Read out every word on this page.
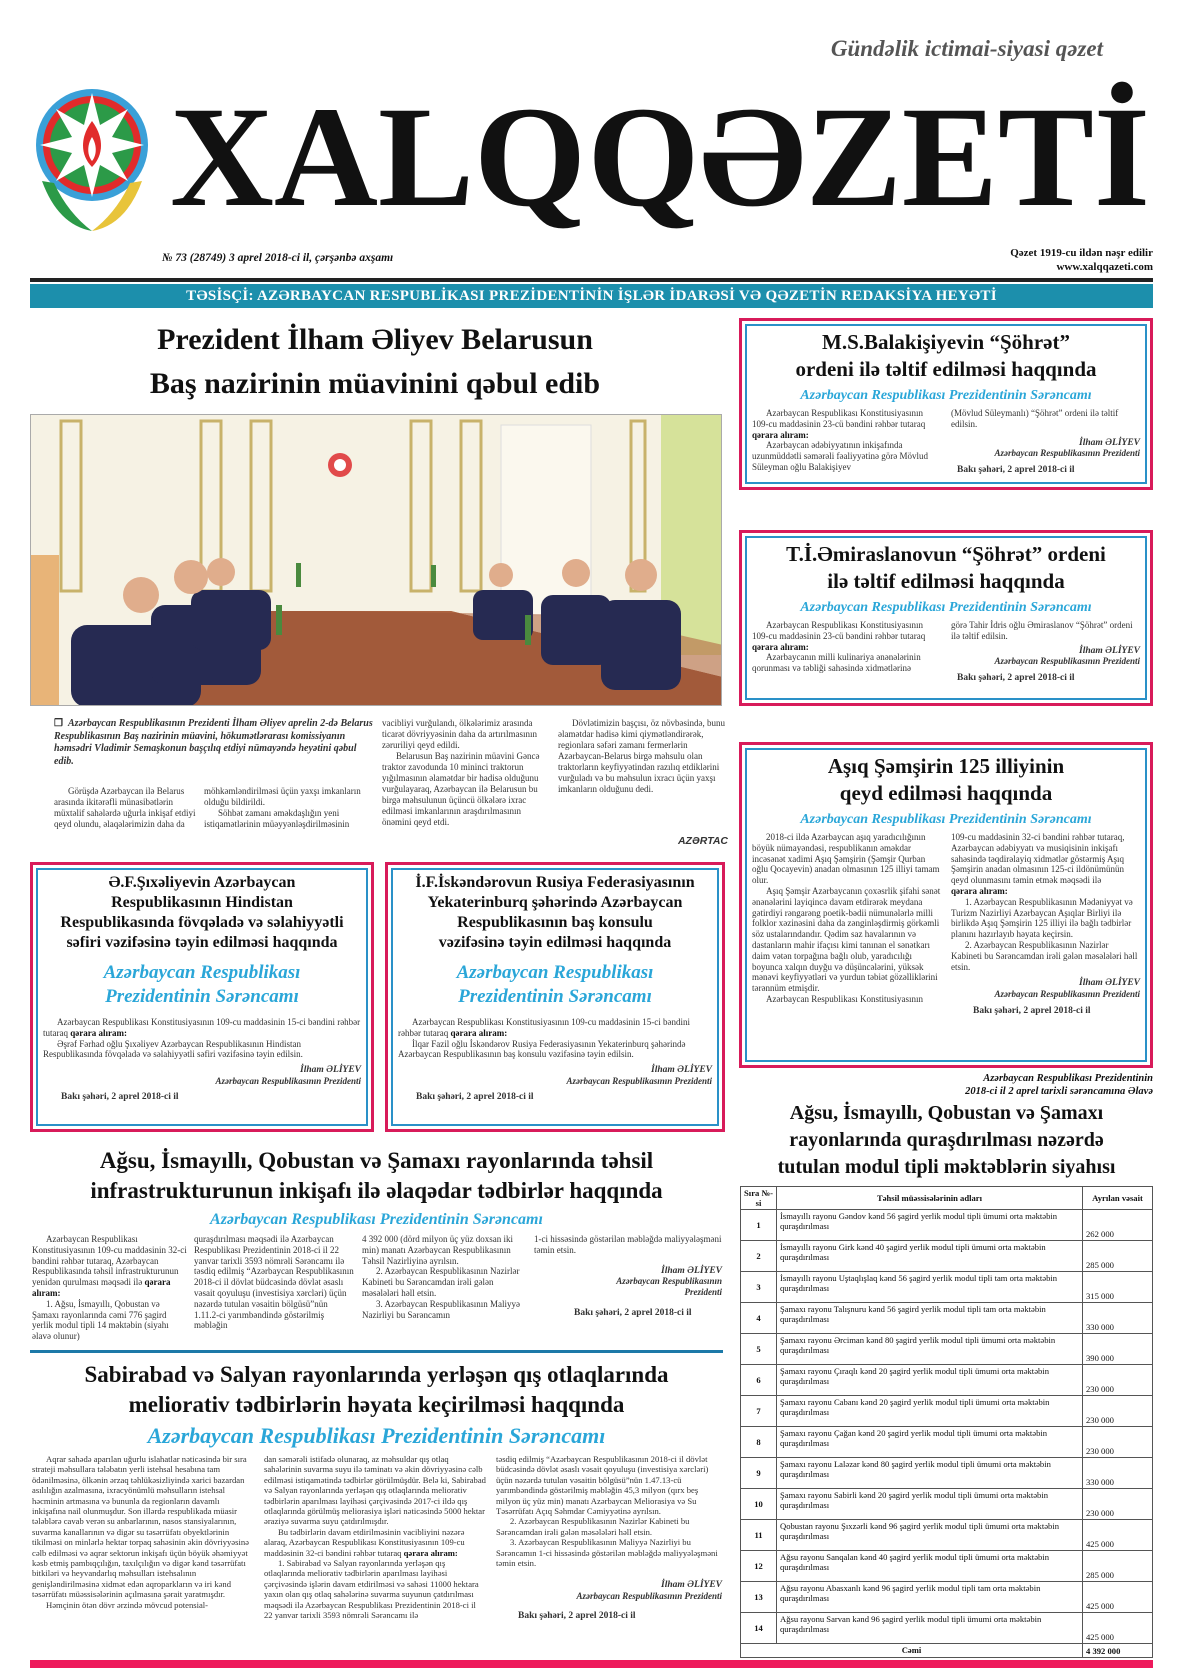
Gündəlik ictimai-siyasi qəzet
XALQ QƏZETİ
№ 73 (28749) 3 aprel 2018-ci il, çərşənbə axşamı	Qəzet 1919-cu ildən nəşr edilir
www.xalqqazeti.com
TƏSİSÇİ: AZƏRBAYCAN RESPUBLİKASI PREZİDENTİNİN İŞLƏR İDARƏSİ VƏ QƏZETİN REDAKSİYA HEYƏTİ
Prezident İlham Əliyev Belarusun
Baş nazirinin müavinini qəbul edib
❒  Azərbaycan Respublikasının Prezidenti İlham Əliyev aprelin 2-də Belarus Respublikasının Baş nazirinin müavini, hökumətlərarası komissiyanın həmsədri Vladimir Semaşkonun başçılıq etdiyi nümayəndə heyətini qəbul edib.
Görüşdə Azərbaycan ilə Belarus arasında ikitərəfli münasibətlərin müxtəlif sahələrdə uğurla inkişaf etdiyi qeyd olundu, əlaqələrimizin daha da
möhkəmləndirilməsi üçün yaxşı imkanların olduğu bildirildi.
Söhbət zamanı əməkdaşlığın yeni istiqamətlərinin müəyyənləşdirilməsinin
vacibliyi vurğulandı, ölkələrimiz arasında ticarət dövriyyəsinin daha da artırılmasının zəruriliyi qeyd edildi.
Belarusun Baş nazirinin müavini Gəncə traktor zavodunda 10 mininci traktorun yığılmasının əlamətdar bir hadisə olduğunu vurğulayaraq, Azərbaycan ilə Belarusun bu birgə məhsulunun üçüncü ölkələrə ixrac edilməsi imkanlarının araşdırılmasının önəmini qeyd etdi.
Dövlətimizin başçısı, öz növbəsində, bunu əlamətdar hadisə kimi qiymətləndirərək, regionlara səfəri zamanı fermerlərin Azərbaycan-Belarus birgə məhsulu olan traktorların keyfiyyətindən razılıq etdiklərini vurğuladı və bu məhsulun ixracı üçün yaxşı imkanların olduğunu dedi.
AZƏRTAC
M.S.Balakişiyevin “Şöhrət”
ordeni ilə təltif edilməsi haqqında
Azərbaycan Respublikası Prezidentinin Sərəncamı
Azərbaycan Respublikası Konstitusiyasının 109-cu maddəsinin 23-cü bəndini rəhbər tutaraq
qərara alıram:
Azərbaycan ədəbiyyatının inkişafında uzunmüddətli səmərəli fəaliyyətinə görə Mövlud Süleyman oğlu Balakişiyev
(Mövlud Süleymanlı) “Şöhrət” ordeni ilə təltif edilsin.
İlham ƏLİYEV
Azərbaycan Respublikasının Prezidenti
Bakı şəhəri, 2 aprel 2018-ci il
T.İ.Əmiraslanovun “Şöhrət” ordeni
ilə təltif edilməsi haqqında
Azərbaycan Respublikası Prezidentinin Sərəncamı
Azərbaycan Respublikası Konstitusiyasının 109-cu maddəsinin 23-cü bəndini rəhbər tutaraq
qərara alıram:
Azərbaycanın milli kulinariya ənənələrinin qorunması və təbliği sahəsində xidmətlərinə
görə Tahir İdris oğlu Əmiraslanov “Şöhrət” ordeni ilə təltif edilsin.
İlham ƏLİYEV
Azərbaycan Respublikasının Prezidenti
Bakı şəhəri, 2 aprel 2018-ci il
Aşıq Şəmşirin 125 illiyinin
qeyd edilməsi haqqında
Azərbaycan Respublikası Prezidentinin Sərəncamı
2018-ci ildə Azərbaycan aşıq yaradıcılığının böyük nümayəndəsi, respublikanın əməkdar incəsənət xadimi Aşıq Şəmşirin (Şəmşir Qurban oğlu Qocayevin) anadan olmasının 125 illiyi tamam olur.
Aşıq Şəmşir Azərbaycanın çoxəsrlik şifahi sənət ənənələrini layiqincə davam etdirərək meydana gətirdiyi rəngarəng poetik-bədii nümunələrlə milli folklor xəzinəsini daha da zənginləşdirmiş görkəmli söz ustalarındandır. Qədim saz havalarının və dastanların mahir ifaçısı kimi tanınan el sənətkarı daim vətən torpağına bağlı olub, yaradıcılığı boyunca xalqın duyğu və düşüncələrini, yüksək mənəvi keyfiyyətləri və yurdun təbiət gözəlliklərini tərənnüm etmişdir.
Azərbaycan Respublikası Konstitusiyasının
109-cu maddəsinin 32-ci bəndini rəhbər tutaraq, Azərbaycan ədəbiyyatı və musiqisinin inkişafı sahəsində təqdirəlayiq xidmətlər göstərmiş Aşıq Şəmşirin anadan olmasının 125-ci ildönümünün qeyd olunmasını təmin etmək məqsədi ilə
qərara alıram:
1. Azərbaycan Respublikasının Mədəniyyət və Turizm Nazirliyi Azərbaycan Aşıqlar Birliyi ilə birlikdə Aşıq Şəmşirin 125 illiyi ilə bağlı tədbirlər planını hazırlayıb həyata keçirsin.
2. Azərbaycan Respublikasının Nazirlər Kabineti bu Sərəncamdan irəli gələn məsələləri həll etsin.
İlham ƏLİYEV
Azərbaycan Respublikasının Prezidenti
Bakı şəhəri, 2 aprel 2018-ci il
Ə.F.Şıxəliyevin Azərbaycan
Respublikasının Hindistan
Respublikasında fövqəladə və səlahiyyətli
səfiri vəzifəsinə təyin edilməsi haqqında
Azərbaycan Respublikası
Prezidentinin Sərəncamı
Azərbaycan Respublikası Konstitusiyasının 109-cu maddəsinin 15-ci bəndini rəhbər tutaraq qərara alıram:
Əşrəf Fərhad oğlu Şıxəliyev Azərbaycan Respublikasının Hindistan Respublikasında fövqəladə və səlahiyyətli səfiri vəzifəsinə təyin edilsin.
İlham ƏLİYEV
Azərbaycan Respublikasının Prezidenti
Bakı şəhəri, 2 aprel 2018-ci il
İ.F.İskəndərovun Rusiya Federasiyasının
Yekaterinburq şəhərində Azərbaycan
Respublikasının baş konsulu
vəzifəsinə təyin edilməsi haqqında
Azərbaycan Respublikası
Prezidentinin Sərəncamı
Azərbaycan Respublikası Konstitusiyasının 109-cu maddəsinin 15-ci bəndini rəhbər tutaraq qərara alıram:
İlqar Fazil oğlu İskəndərov Rusiya Federasiyasının Yekaterinburq şəhərində Azərbaycan Respublikasının baş konsulu vəzifəsinə təyin edilsin.
İlham ƏLİYEV
Azərbaycan Respublikasının Prezidenti
Bakı şəhəri, 2 aprel 2018-ci il
Ağsu, İsmayıllı, Qobustan və Şamaxı rayonlarında təhsil
infrastrukturunun inkişafı ilə əlaqədar tədbirlər haqqında
Azərbaycan Respublikası Prezidentinin Sərəncamı
Azərbaycan Respublikası Konstitusiyasının 109-cu maddəsinin 32-ci bəndini rəhbər tutaraq, Azərbaycan Respublikasında təhsil infrastrukturunun yenidən qurulması məqsədi ilə qərara alıram:
1. Ağsu, İsmayıllı, Qobustan və Şamaxı rayonlarında cəmi 776 şagird yerlik modul tipli 14 məktəbin (siyahı əlavə olunur)
quraşdırılması məqsədi ilə Azərbaycan Respublikası Prezidentinin 2018-ci il 22 yanvar tarixli 3593 nömrəli Sərəncamı ilə təsdiq edilmiş “Azərbaycan Respublikasının 2018-ci il dövlət büdcəsində dövlət əsaslı vəsait qoyuluşu (investisiya xərcləri) üçün nəzərdə tutulan vəsaitin bölgüsü”nün 1.11.2-ci yarımbəndində göstərilmiş məbləğin
4 392 000 (dörd milyon üç yüz doxsan iki min) manatı Azərbaycan Respublikasının Təhsil Nazirliyinə ayrılsın.
2. Azərbaycan Respublikasının Nazirlər Kabineti bu Sərəncamdan irəli gələn məsələləri həll etsin.
3. Azərbaycan Respublikasının Maliyyə Nazirliyi bu Sərəncamın
1-ci hissəsində göstərilən məbləğdə maliyyələşməni təmin etsin.
İlham ƏLİYEV
Azərbaycan Respublikasının
Prezidenti
Bakı şəhəri, 2 aprel 2018-ci il
Sabirabad və Salyan rayonlarında yerləşən qış otlaqlarında
meliorativ tədbirlərin həyata keçirilməsi haqqında
Azərbaycan Respublikası Prezidentinin Sərəncamı
Aqrar sahədə aparılan uğurlu islahatlar nəticəsində bir sıra strateji məhsullara tələbatın yerli istehsal hesabına tam ödənilməsinə, ölkənin ərzaq təhlükəsizliyində xarici bazardan asılılığın azalmasına, ixracyönümlü məhsulların istehsal həcminin artmasına və bununla da regionların davamlı inkişafına nail olunmuşdur. Son illərdə respublikada müasir tələblərə cavab verən su anbarlarının, nasos stansiyalarının, suvarma kanallarının və digər su təsərrüfatı obyektlərinin tikilməsi on minlərlə hektar torpaq sahəsinin əkin dövriyyəsinə cəlb edilməsi və aqrar sektorun inkişafı üçün böyük əhəmiyyət kəsb etmiş pambıqçılığın, taxılçılığın və digər kənd təsərrüfatı bitkiləri və heyvandarlıq məhsulları istehsalının genişləndirilməsinə xidmət edən aqroparkların və iri kənd təsərrüfatı müəssisələrinin açılmasına şərait yaratmışdır.
Həmçinin ötən dövr ərzində mövcud potensial-
dan səmərəli istifadə olunaraq, az məhsuldar qış otlaq sahələrinin suvarma suyu ilə təminatı və əkin dövriyyəsinə cəlb edilməsi istiqamətində tədbirlər görülmüşdür. Belə ki, Sabirabad və Salyan rayonlarında yerləşən qış otlaqlarında meliorativ tədbirlərin aparılması layihəsi çərçivəsində 2017-ci ildə qış otlaqlarında görülmüş meliorasiya işləri nəticəsində 5000 hektar əraziyə suvarma suyu çatdırılmışdır.
Bu tədbirlərin davam etdirilməsinin vacibliyini nəzərə alaraq, Azərbaycan Respublikası Konstitusiyasının 109-cu maddəsinin 32-ci bəndini rəhbər tutaraq qərara alıram:
1. Sabirabad və Salyan rayonlarında yerləşən qış otlaqlarında meliorativ tədbirlərin aparılması layihəsi çərçivəsində işlərin davam etdirilməsi və sahəsi 11000 hektara yaxın olan qış otlaq sahələrinə suvarma suyunun çatdırılması məqsədi ilə Azərbaycan Respublikası Prezidentinin 2018-ci il 22 yanvar tarixli 3593 nömrəli Sərəncamı ilə
təsdiq edilmiş “Azərbaycan Respublikasının 2018-ci il dövlət büdcəsində dövlət əsaslı vəsait qoyuluşu (investisiya xərcləri) üçün nəzərdə tutulan vəsaitin bölgüsü”nün 1.47.13-cü yarımbəndində göstərilmiş məbləğin 45,3 milyon (qırx beş milyon üç yüz min) manatı Azərbaycan Meliorasiya və Su Təsərrüfatı Açıq Səhmdar Cəmiyyətinə ayrılsın.
2. Azərbaycan Respublikasının Nazirlər Kabineti bu Sərəncamdan irəli gələn məsələləri həll etsin.
3. Azərbaycan Respublikasının Maliyyə Nazirliyi bu Sərəncamın 1-ci hissəsində göstərilən məbləğdə maliyyələşməni təmin etsin.
İlham ƏLİYEV
Azərbaycan Respublikasının Prezidenti
Bakı şəhəri, 2 aprel 2018-ci il
Azərbaycan Respublikası Prezidentinin
2018-ci il 2 aprel tarixli sərəncamına Əlavə
Ağsu, İsmayıllı, Qobustan və Şamaxı
rayonlarında quraşdırılması nəzərdə
tutulan modul tipli məktəblərin siyahısı
Sıra №-si	Təhsil müəssisələrinin adları	Ayrılan vəsait
1	İsmayıllı rayonu Gəndov kənd 56 şagird yerlik modul tipli ümumi orta məktəbin quraşdırılması	262 000
2	İsmayıllı rayonu Girk kənd 40 şagird yerlik modul tipli ümumi orta məktəbin quraşdırılması	285 000
3	İsmayıllı rayonu Uştaqlışlaq kənd 56 şagird yerlik modul tipli tam orta məktəbin quraşdırılması	315 000
4	Şamaxı rayonu Talışnuru kənd 56 şagird yerlik modul tipli tam orta məktəbin quraşdırılması	330 000
5	Şamaxı rayonu Ərciman kənd 80 şagird yerlik modul tipli ümumi orta məktəbin quraşdırılması	390 000
6	Şamaxı rayonu Çıraqlı kənd 20 şagird yerlik modul tipli ümumi orta məktəbin quraşdırılması	230 000
7	Şamaxı rayonu Cabanı kənd 20 şagird yerlik modul tipli ümumi orta məktəbin quraşdırılması	230 000
8	Şamaxı rayonu Çağan kənd 20 şagird yerlik modul tipli ümumi orta məktəbin quraşdırılması	230 000
9	Şamaxı rayonu Laləzar kənd 80 şagird yerlik modul tipli ümumi orta məktəbin quraşdırılması	330 000
10	Şamaxı rayonu Sabirli kənd 20 şagird yerlik modul tipli ümumi orta məktəbin quraşdırılması	230 000
11	Qobustan rayonu Şıxzərli kənd 96 şagird yerlik modul tipli ümumi orta məktəbin quraşdırılması	425 000
12	Ağsu rayonu Sanqalan kənd 40 şagird yerlik modul tipli ümumi orta məktəbin quraşdırılması	285 000
13	Ağsu rayonu Abasxanlı kənd 96 şagird yerlik modul tipli tam orta məktəbin quraşdırılması	425 000
14	Ağsu rayonu Sarvan kənd 96 şagird yerlik modul tipli ümumi orta məktəbin quraşdırılması	425 000
Cəmi		4 392 000
